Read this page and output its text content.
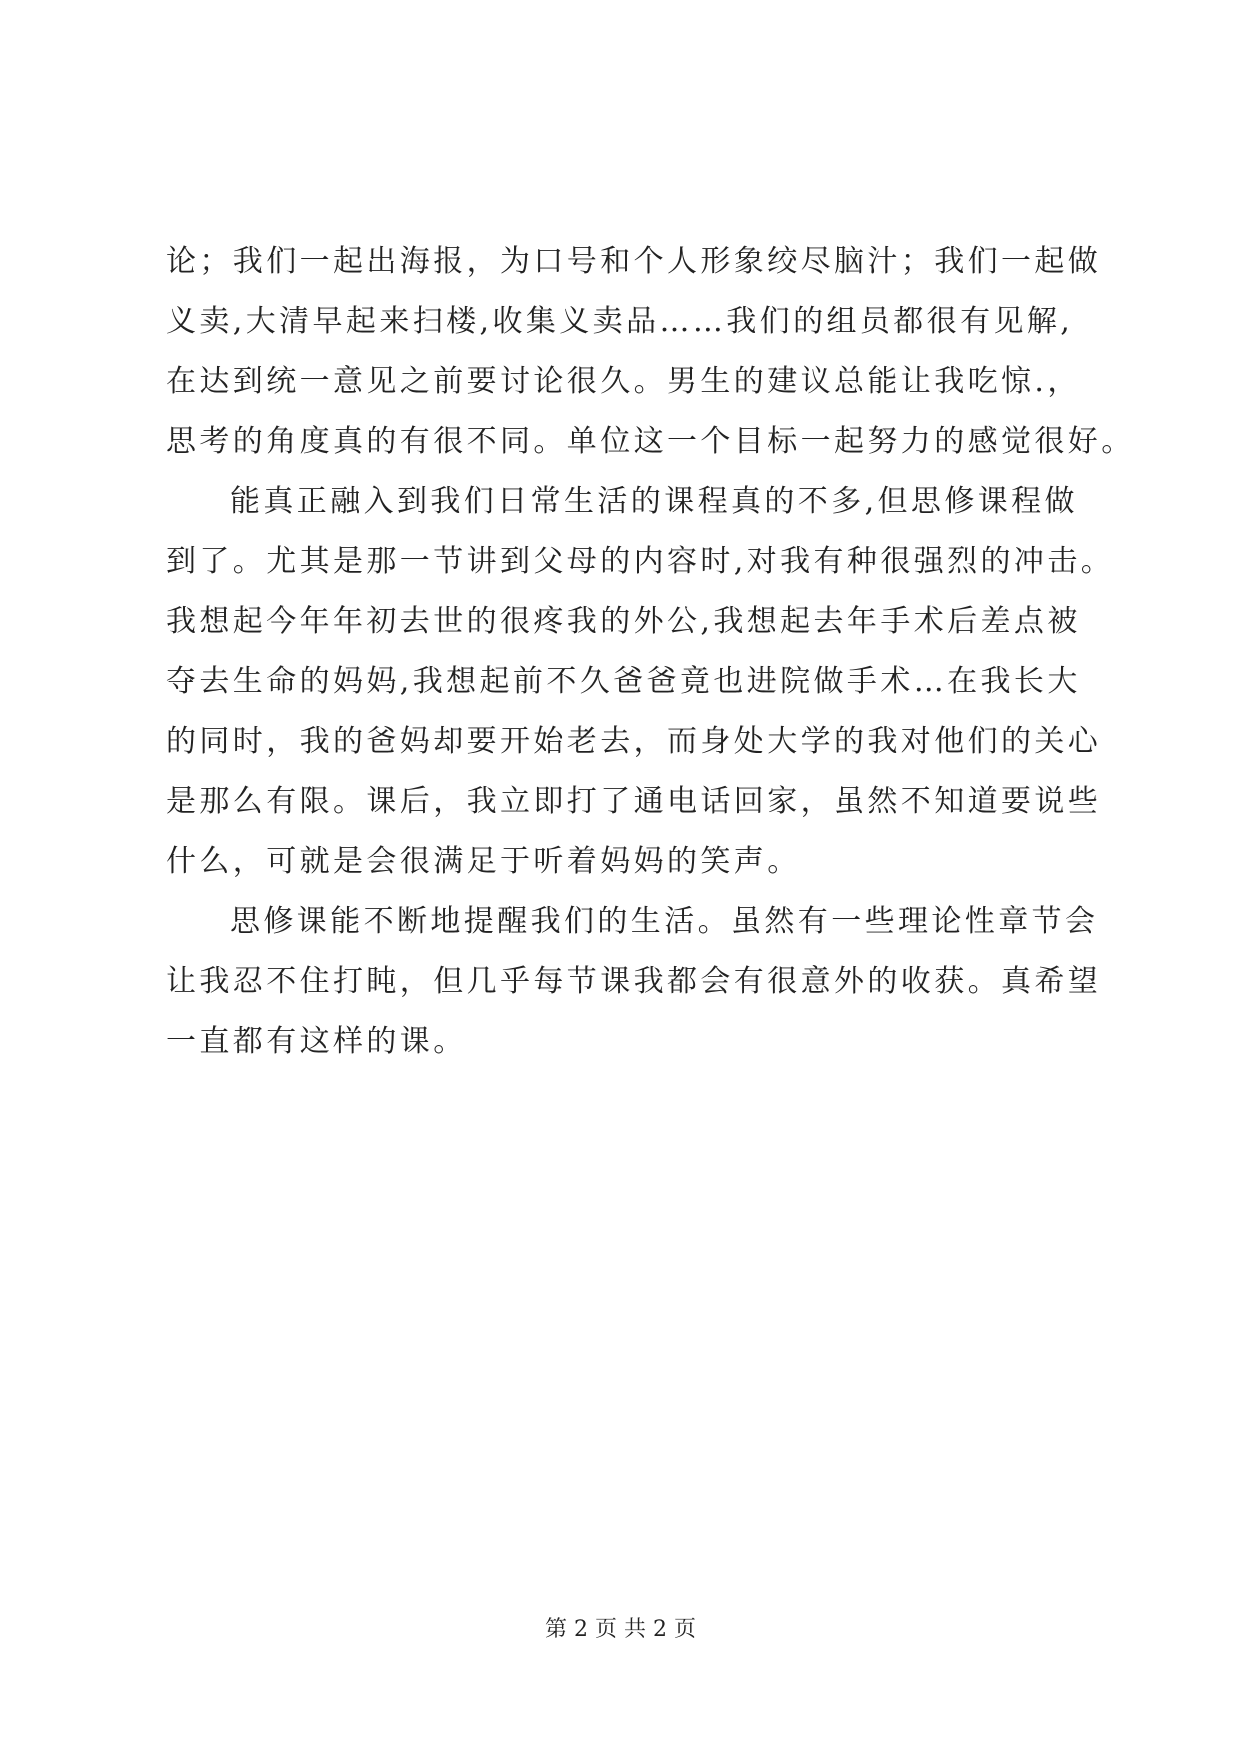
论；我们一起出海报，为口号和个人形象绞尽脑汁；我们一起做
义卖,大清早起来扫楼,收集义卖品……我们的组员都很有见解,
在达到统一意见之前要讨论很久。男生的建议总能让我吃惊.，
思考的角度真的有很不同。单位这一个目标一起努力的感觉很好。
能真正融入到我们日常生活的课程真的不多,但思修课程做
到了。尤其是那一节讲到父母的内容时,对我有种很强烈的冲击。
我想起今年年初去世的很疼我的外公,我想起去年手术后差点被
夺去生命的妈妈,我想起前不久爸爸竟也进院做手术…在我长大
的同时，我的爸妈却要开始老去，而身处大学的我对他们的关心
是那么有限。课后，我立即打了通电话回家，虽然不知道要说些
什么，可就是会很满足于听着妈妈的笑声。
思修课能不断地提醒我们的生活。虽然有一些理论性章节会
让我忍不住打盹，但几乎每节课我都会有很意外的收获。真希望
一直都有这样的课。
第 2 页 共 2 页
